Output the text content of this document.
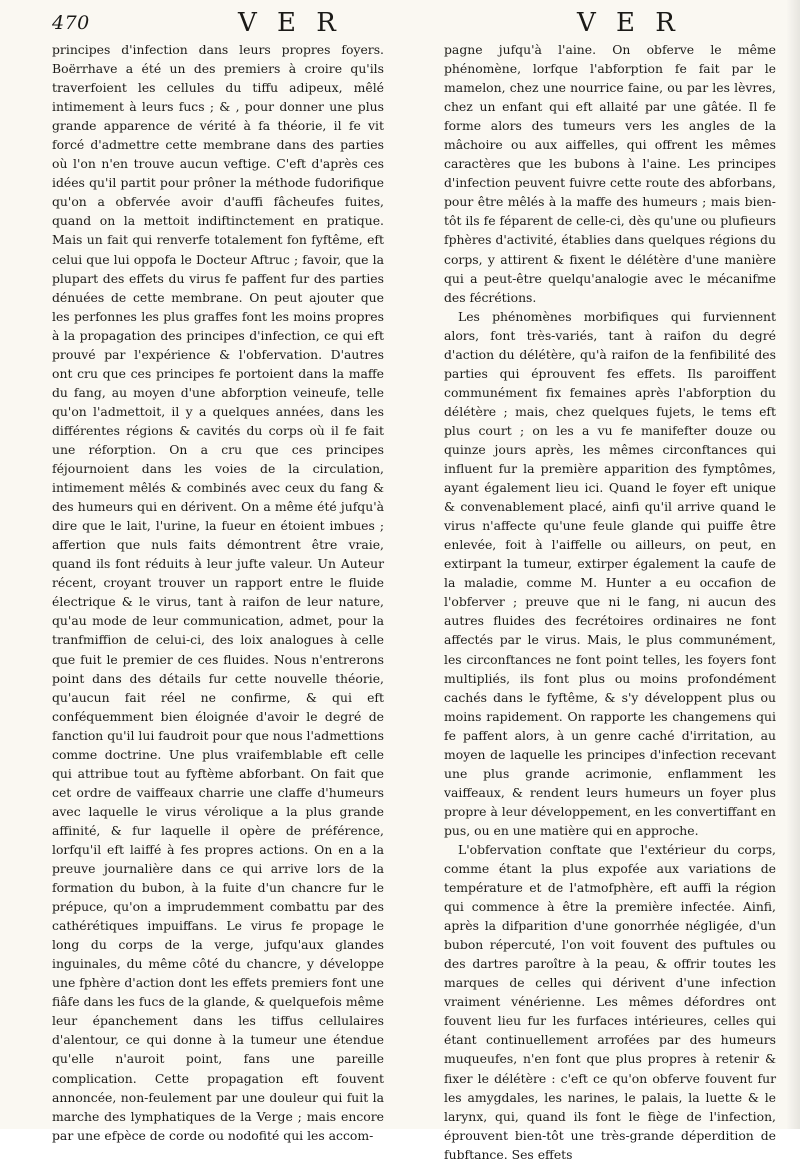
470	V E R	V E R

principes d'infection dans leurs propres foyers. Boërrhave a été un des premiers à croire qu'ils traverfoient les cellules du tiffu adipeux, mêlé intimement à leurs fucs ; & , pour donner une plus grande apparence de vérité à fa théorie, il fe vit forcé d'admettre cette membrane dans des parties où l'on n'en trouve aucun veftige. C'eft d'après ces idées qu'il partit pour prôner la méthode fudorifique qu'on a obfervée avoir d'auffi fâcheufes fuites, quand on la mettoit indiftinctement en pratique. Mais un fait qui renverfe totalement fon fyftême, eft celui que lui oppofa le Docteur Aftruc ; favoir, que la plupart des effets du virus fe paffent fur des parties dénuées de cette membrane. On peut ajouter que les perfonnes les plus graffes font les moins propres à la propagation des principes d'infection, ce qui eft prouvé par l'expérience & l'obfervation. D'autres ont cru que ces principes fe portoient dans la maffe du fang, au moyen d'une abforption veineufe, telle qu'on l'admettoit, il y a quelques années, dans les différentes régions & cavités du corps où il fe fait une réforption. On a cru que ces principes féjournoient dans les voies de la circulation, intimement mêlés & combinés avec ceux du fang & des humeurs qui en dérivent. On a même été jufqu'à dire que le lait, l'urine, la fueur en étoient imbues ; affertion que nuls faits démontrent être vraie, quand ils font réduits à leur jufte valeur. Un Auteur récent, croyant trouver un rapport entre le fluide électrique & le virus, tant à raifon de leur nature, qu'au mode de leur communication, admet, pour la tranfmiffion de celui-ci, des loix analogues à celle que fuit le premier de ces fluides. Nous n'entrerons point dans des détails fur cette nouvelle théorie, qu'aucun fait réel ne confirme, & qui eft conféquemment bien éloignée d'avoir le degré de fanction qu'il lui faudroit pour que nous l'admettions comme doctrine. Une plus vraifemblable eft celle qui attribue tout au fyftème abforbant. On fait que cet ordre de vaiffeaux charrie une claffe d'humeurs avec laquelle le virus vérolique a la plus grande affinité, & fur laquelle il opère de préférence, lorfqu'il eft laiffé à fes propres actions. On en a la preuve journalière dans ce qui arrive lors de la formation du bubon, à la fuite d'un chancre fur le prépuce, qu'on a imprudemment combattu par des cathérétiques impuiffans. Le virus fe propage le long du corps de la verge, jufqu'aux glandes inguinales, du même côté du chancre, y développe une fphère d'action dont les effets premiers font une fiâfe dans les fucs de la glande, & quelquefois même leur épanchement dans les tiffus cellulaires d'alentour, ce qui donne à la tumeur une étendue qu'elle n'auroit point, fans une pareille complication. Cette propagation eft fouvent annoncée, non-feulement par une douleur qui fuit la marche des lymphatiques de la Verge ; mais encore par une efpèce de corde ou nodofité qui les accom-

pagne jufqu'à l'aine. On obferve le même phénomène, lorfque l'abforption fe fait par le mamelon, chez une nourrice faine, ou par les lèvres, chez un enfant qui eft allaité par une gâtée. Il fe forme alors des tumeurs vers les angles de la mâchoire ou aux aiffelles, qui offrent les mêmes caractères que les bubons à l'aine. Les principes d'infection peuvent fuivre cette route des abforbans, pour être mêlés à la maffe des humeurs ; mais bien-tôt ils fe féparent de celle-ci, dès qu'une ou plufieurs fphères d'activité, établies dans quelques régions du corps, y attirent & fixent le délétère d'une manière qui a peut-être quelqu'analogie avec le mécanifme des fécrétions.

Les phénomènes morbifiques qui furviennent alors, font très-variés, tant à raifon du degré d'action du délétère, qu'à raifon de la fenfibilité des parties qui éprouvent fes effets. Ils paroiffent communément fix femaines après l'abforption du délétère ; mais, chez quelques fujets, le tems eft plus court ; on les a vu fe manifefter douze ou quinze jours après, les mêmes circonftances qui influent fur la première apparition des fymptômes, ayant également lieu ici. Quand le foyer eft unique & convenablement placé, ainfi qu'il arrive quand le virus n'affecte qu'une feule glande qui puiffe être enlevée, foit à l'aiffelle ou ailleurs, on peut, en extirpant la tumeur, extirper également la caufe de la maladie, comme M. Hunter a eu occafion de l'obferver ; preuve que ni le fang, ni aucun des autres fluides des fecrétoires ordinaires ne font affectés par le virus. Mais, le plus communément, les circonftances ne font point telles, les foyers font multipliés, ils font plus ou moins profondément cachés dans le fyftême, & s'y développent plus ou moins rapidement. On rapporte les changemens qui fe paffent alors, à un genre caché d'irritation, au moyen de laquelle les principes d'infection recevant une plus grande acrimonie, enflamment les vaiffeaux, & rendent leurs humeurs un foyer plus propre à leur développement, en les convertiffant en pus, ou en une matière qui en approche.

L'obfervation conftate que l'extérieur du corps, comme étant la plus expofée aux variations de température et de l'atmofphère, eft auffi la région qui commence à être la première infectée. Ainfi, après la difparition d'une gonorrhée négligée, d'un bubon répercuté, l'on voit fouvent des puftules ou des dartres paroître à la peau, & offrir toutes les marques de celles qui dérivent d'une infection vraiment vénérienne. Les mêmes défordres ont fouvent lieu fur les furfaces intérieures, celles qui étant continuellement arrofées par des humeurs muqueufes, n'en font que plus propres à retenir & fixer le délétère : c'eft ce qu'on obferve fouvent fur les amygdales, les narines, le palais, la luette & le larynx, qui, quand ils font le fiège de l'infection, éprouvent bien-tôt une très-grande déperdition de fubftance. Ses effets
